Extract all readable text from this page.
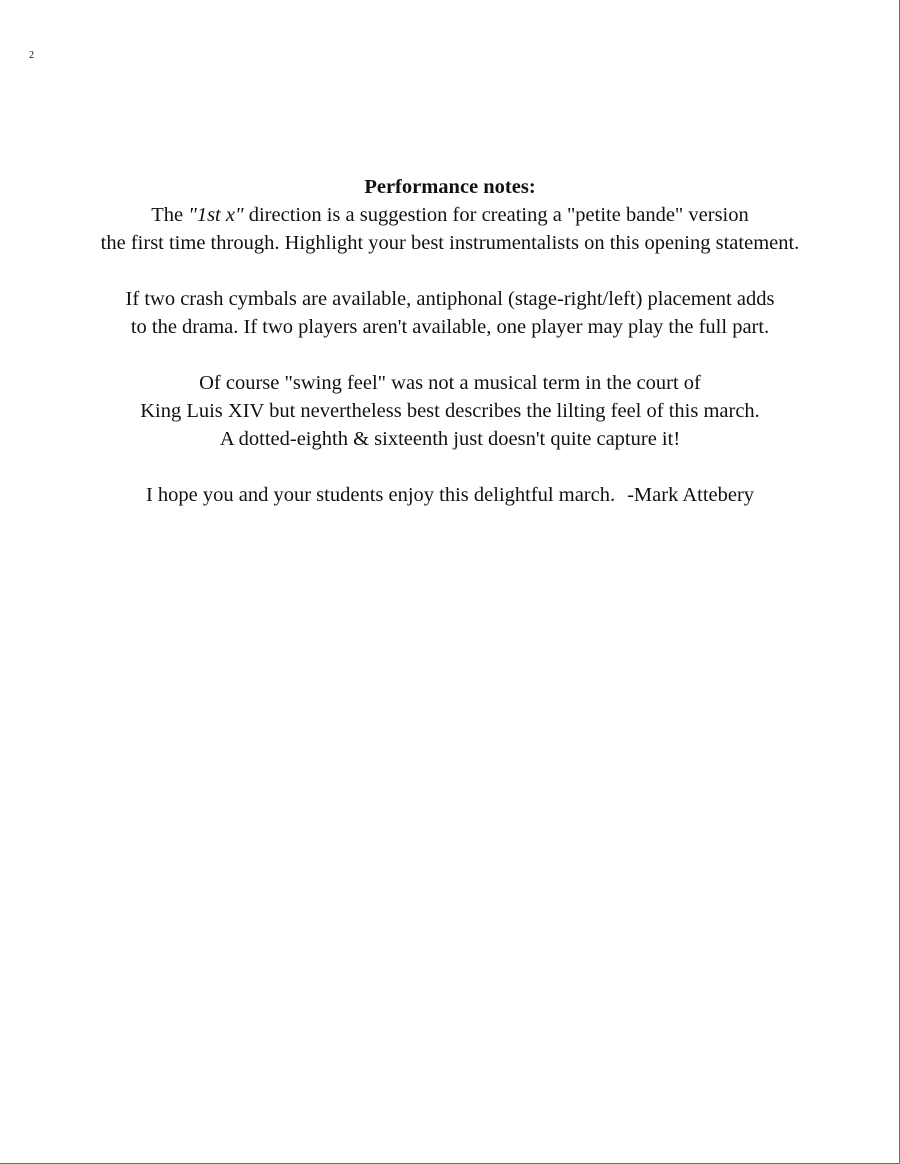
2
Performance notes:
The "1st x" direction is a suggestion for creating a "petite bande" version
the first time through. Highlight your best instrumentalists on this opening statement.
If two crash cymbals are available, antiphonal (stage-right/left) placement adds
to the drama. If two players aren't available, one player may play the full part.
Of course "swing feel" was not a musical term in the court of
King Luis XIV but nevertheless best describes the lilting feel of this march.
A dotted-eighth & sixteenth just doesn't quite capture it!
I hope you and your students enjoy this delightful march. -Mark Attebery
